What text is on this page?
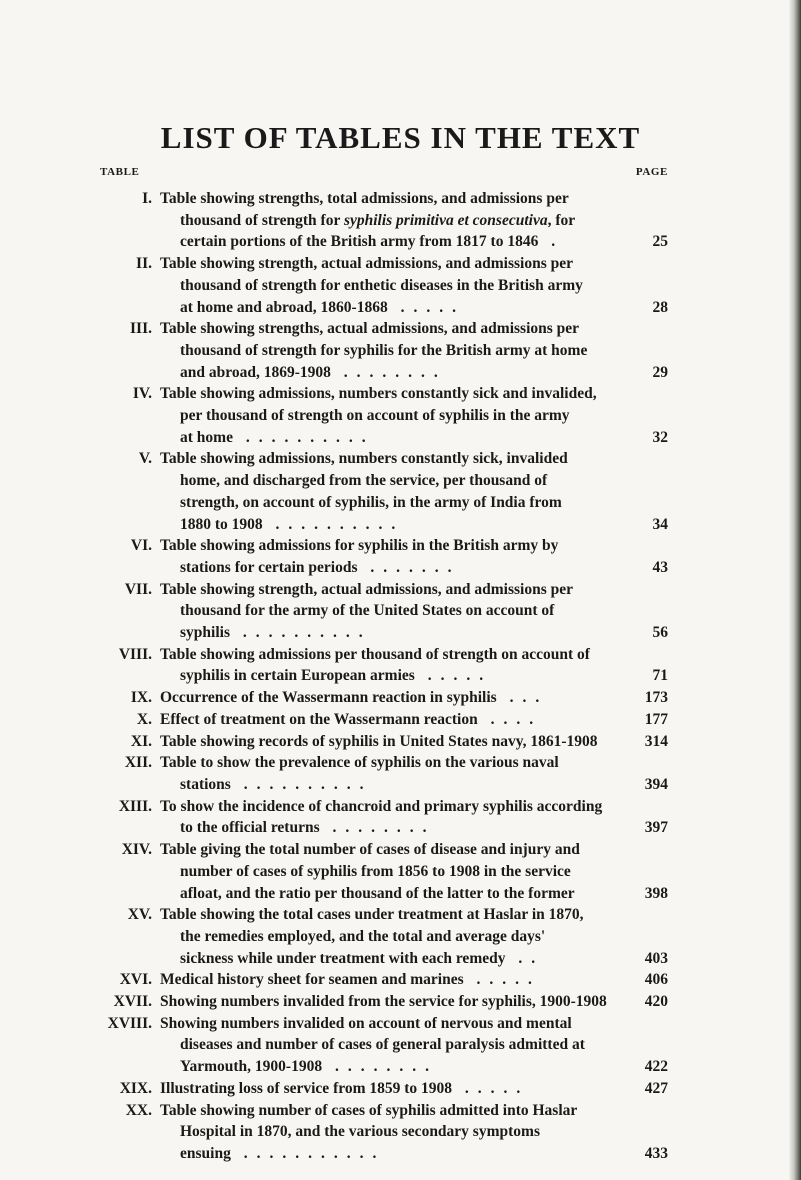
LIST OF TABLES IN THE TEXT
TABLE	PAGE
I. Table showing strengths, total admissions, and admissions per
thousand of strength for syphilis primitiva et consecutiva, for
certain portions of the British army from 1817 to 1846 .	25
II. Table showing strength, actual admissions, and admissions per
thousand of strength for enthetic diseases in the British army
at home and abroad, 1860-1868 .....	28
III. Table showing strengths, actual admissions, and admissions per
thousand of strength for syphilis for the British army at home
and abroad, 1869-1908 ........	29
IV. Table showing admissions, numbers constantly sick and invalided,
per thousand of strength on account of syphilis in the army
at home ..........	32
V. Table showing admissions, numbers constantly sick, invalided
home, and discharged from the service, per thousand of
strength, on account of syphilis, in the army of India from
1880 to 1908 ..........	34
VI. Table showing admissions for syphilis in the British army by
stations for certain periods .......	43
VII. Table showing strength, actual admissions, and admissions per
thousand for the army of the United States on account of
syphilis ..........	56
VIII. Table showing admissions per thousand of strength on account of
syphilis in certain European armies .....	71
IX. Occurrence of the Wassermann reaction in syphilis ...	173
X. Effect of treatment on the Wassermann reaction ....	177
XI. Table showing records of syphilis in United States navy, 1861-1908	314
XII. Table to show the prevalence of syphilis on the various naval
stations ..........	394
XIII. To show the incidence of chancroid and primary syphilis according
to the official returns ........	397
XIV. Table giving the total number of cases of disease and injury and
number of cases of syphilis from 1856 to 1908 in the service
afloat, and the ratio per thousand of the latter to the former	398
XV. Table showing the total cases under treatment at Haslar in 1870,
the remedies employed, and the total and average days'
sickness while under treatment with each remedy ..	403
XVI. Medical history sheet for seamen and marines .....	406
XVII. Showing numbers invalided from the service for syphilis, 1900-1908	420
XVIII. Showing numbers invalided on account of nervous and mental
diseases and number of cases of general paralysis admitted at
Yarmouth, 1900-1908 ........	422
XIX. Illustrating loss of service from 1859 to 1908 .....	427
XX. Table showing number of cases of syphilis admitted into Haslar
Hospital in 1870, and the various secondary symptoms
ensuing ...........	433
